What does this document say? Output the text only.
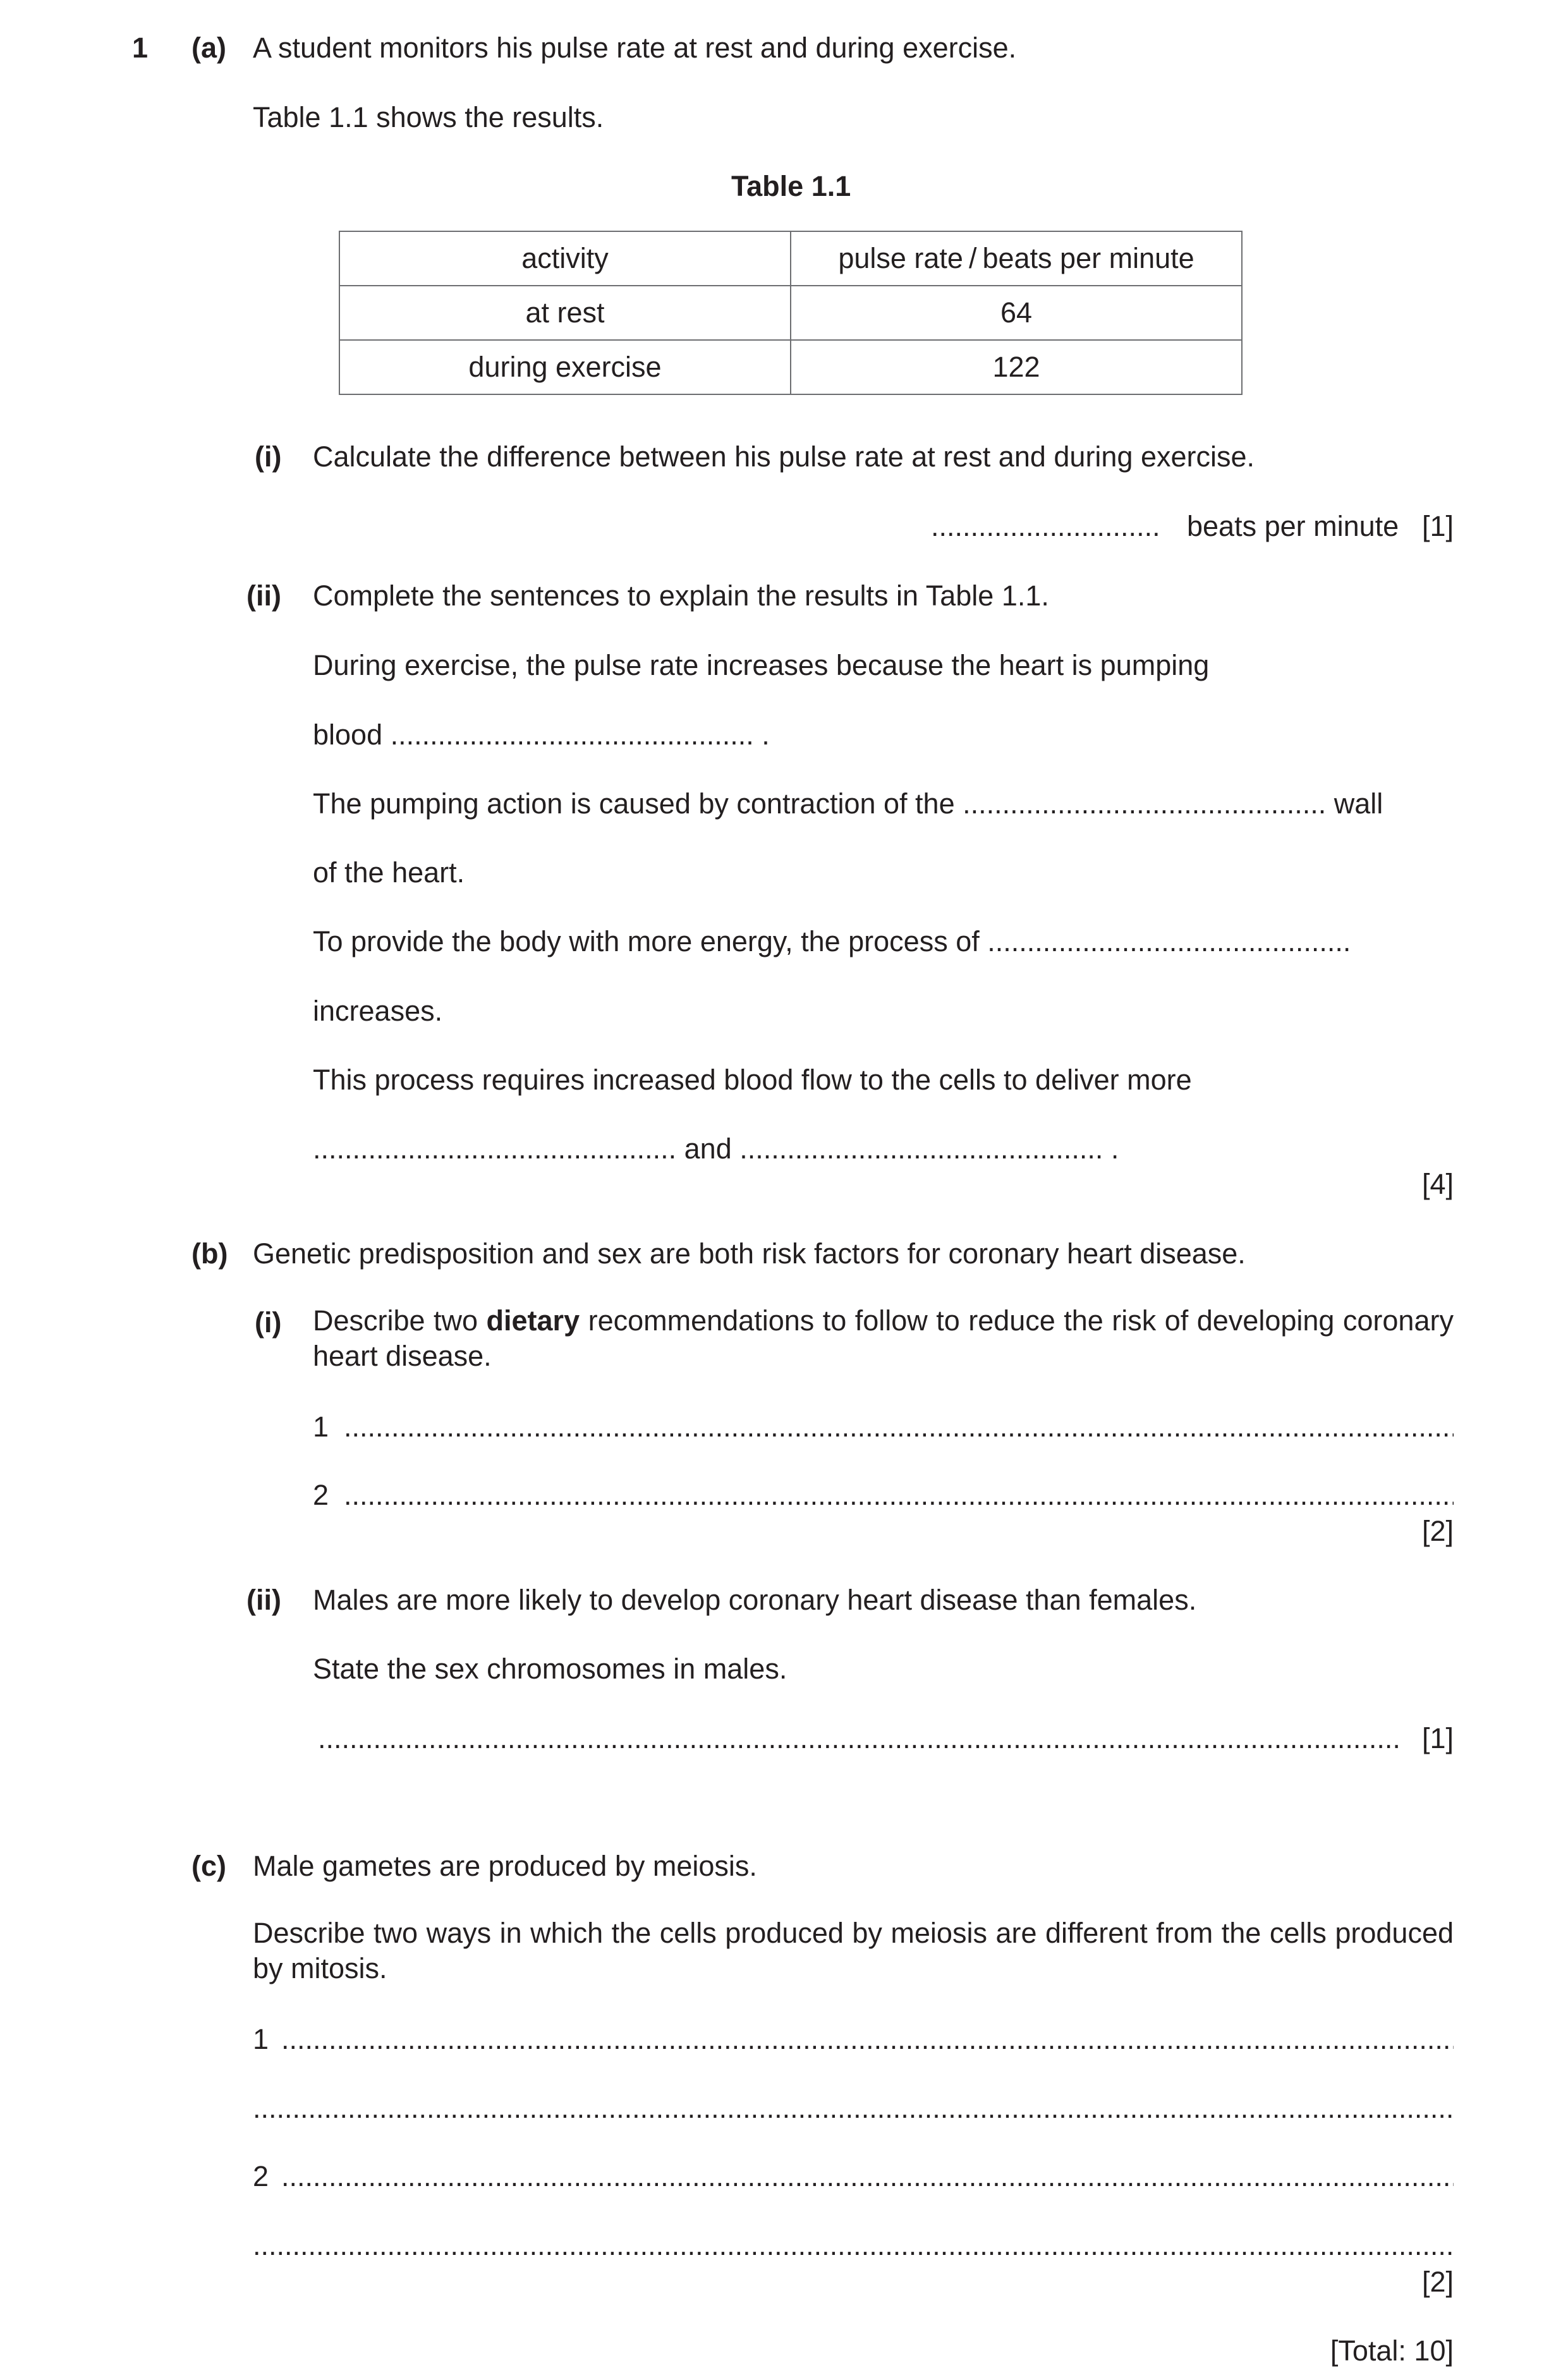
1 (a) A student monitors his pulse rate at rest and during exercise.
Table 1.1 shows the results.
Table 1.1
activity	pulse rate / beats per minute
at rest	64
during exercise	122
(i) Calculate the difference between his pulse rate at rest and during exercise.
............................. beats per minute [1]
(ii) Complete the sentences to explain the results in Table 1.1.
During exercise, the pulse rate increases because the heart is pumping
blood .............................................. .
The pumping action is caused by contraction of the .............................................. wall
of the heart.
To provide the body with more energy, the process of ..............................................
increases.
This process requires increased blood flow to the cells to deliver more
.............................................. and .............................................. .
[4]
(b) Genetic predisposition and sex are both risk factors for coronary heart disease.
(i) Describe two dietary recommendations to follow to reduce the risk of developing coronary heart disease.
1
.....
2
.....
[2]
(ii) Males are more likely to develop coronary heart disease than females.
State the sex chromosomes in males.
.....
[1]
(c) Male gametes are produced by meiosis.
Describe two ways in which the cells produced by meiosis are different from the cells produced by mitosis.
1
.....
.....
2
.....
.....
[2]
[Total: 10]
